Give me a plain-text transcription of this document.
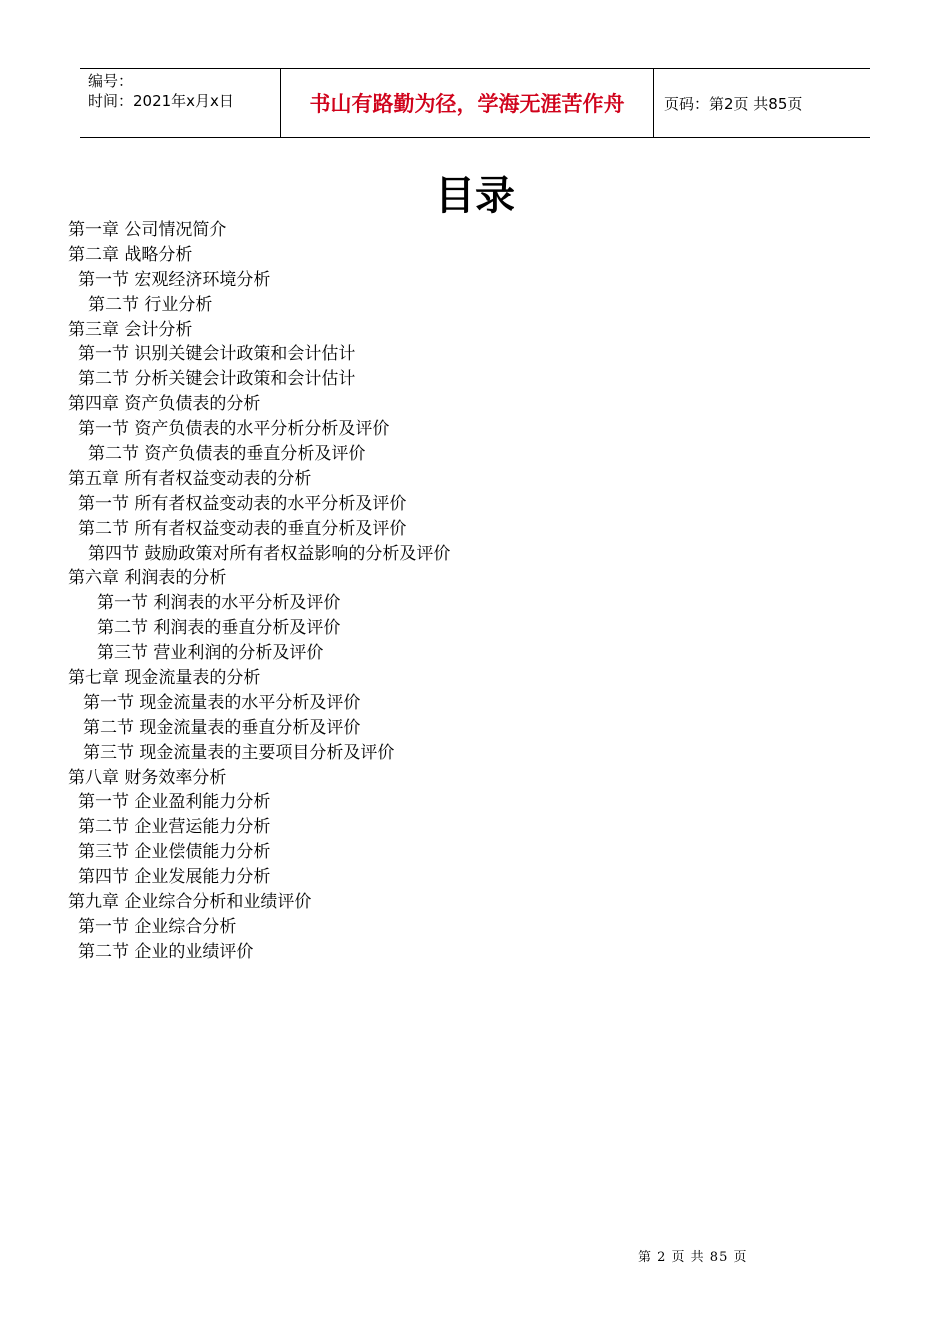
编号：
时间：2021年x月x日	书山有路勤为径，学海无涯苦作舟	页码：第2页 共85页
目录
第一章 公司情况简介
第二章 战略分析
第一节 宏观经济环境分析
第二节 行业分析
第三章 会计分析
第一节 识别关键会计政策和会计估计
第二节 分析关键会计政策和会计估计
第四章 资产负债表的分析
第一节 资产负债表的水平分析分析及评价
第二节 资产负债表的垂直分析及评价
第五章 所有者权益变动表的分析
第一节 所有者权益变动表的水平分析及评价
第二节 所有者权益变动表的垂直分析及评价
第四节 鼓励政策对所有者权益影响的分析及评价
第六章 利润表的分析
第一节 利润表的水平分析及评价
第二节 利润表的垂直分析及评价
第三节 营业利润的分析及评价
第七章 现金流量表的分析
第一节 现金流量表的水平分析及评价
第二节 现金流量表的垂直分析及评价
第三节 现金流量表的主要项目分析及评价
第八章 财务效率分析
第一节 企业盈利能力分析
第二节 企业营运能力分析
第三节 企业偿债能力分析
第四节 企业发展能力分析
第九章 企业综合分析和业绩评价
第一节 企业综合分析
第二节 企业的业绩评价
第 2 页 共 85 页
